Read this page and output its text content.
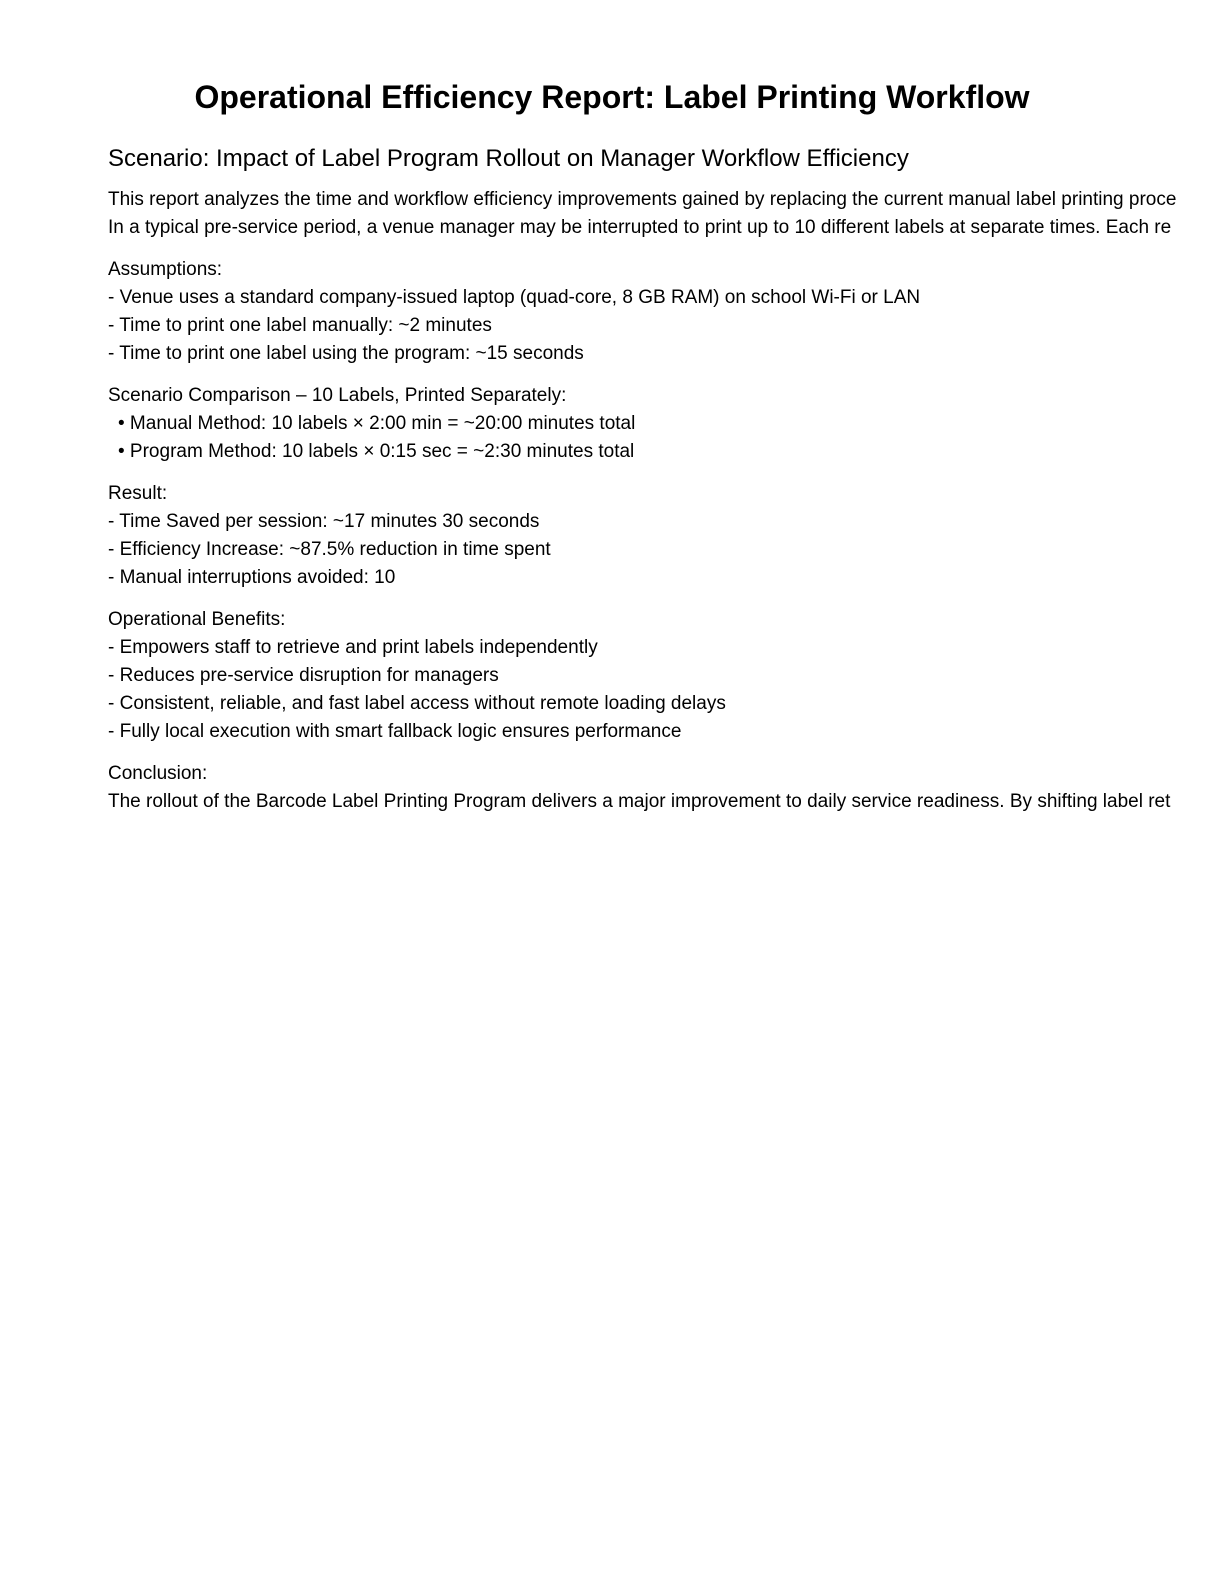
Operational Efficiency Report: Label Printing Workflow
Scenario: Impact of Label Program Rollout on Manager Workflow Efficiency
This report analyzes the time and workflow efficiency improvements gained by replacing the current manual label printing proce
In a typical pre-service period, a venue manager may be interrupted to print up to 10 different labels at separate times. Each re
Assumptions:
- Venue uses a standard company-issued laptop (quad-core, 8 GB RAM) on school Wi-Fi or LAN
- Time to print one label manually: ~2 minutes
- Time to print one label using the program: ~15 seconds
Scenario Comparison – 10 Labels, Printed Separately:
• Manual Method: 10 labels × 2:00 min = ~20:00 minutes total
• Program Method: 10 labels × 0:15 sec = ~2:30 minutes total
Result:
- Time Saved per session: ~17 minutes 30 seconds
- Efficiency Increase: ~87.5% reduction in time spent
- Manual interruptions avoided: 10
Operational Benefits:
- Empowers staff to retrieve and print labels independently
- Reduces pre-service disruption for managers
- Consistent, reliable, and fast label access without remote loading delays
- Fully local execution with smart fallback logic ensures performance
Conclusion:
The rollout of the Barcode Label Printing Program delivers a major improvement to daily service readiness. By shifting label ret
